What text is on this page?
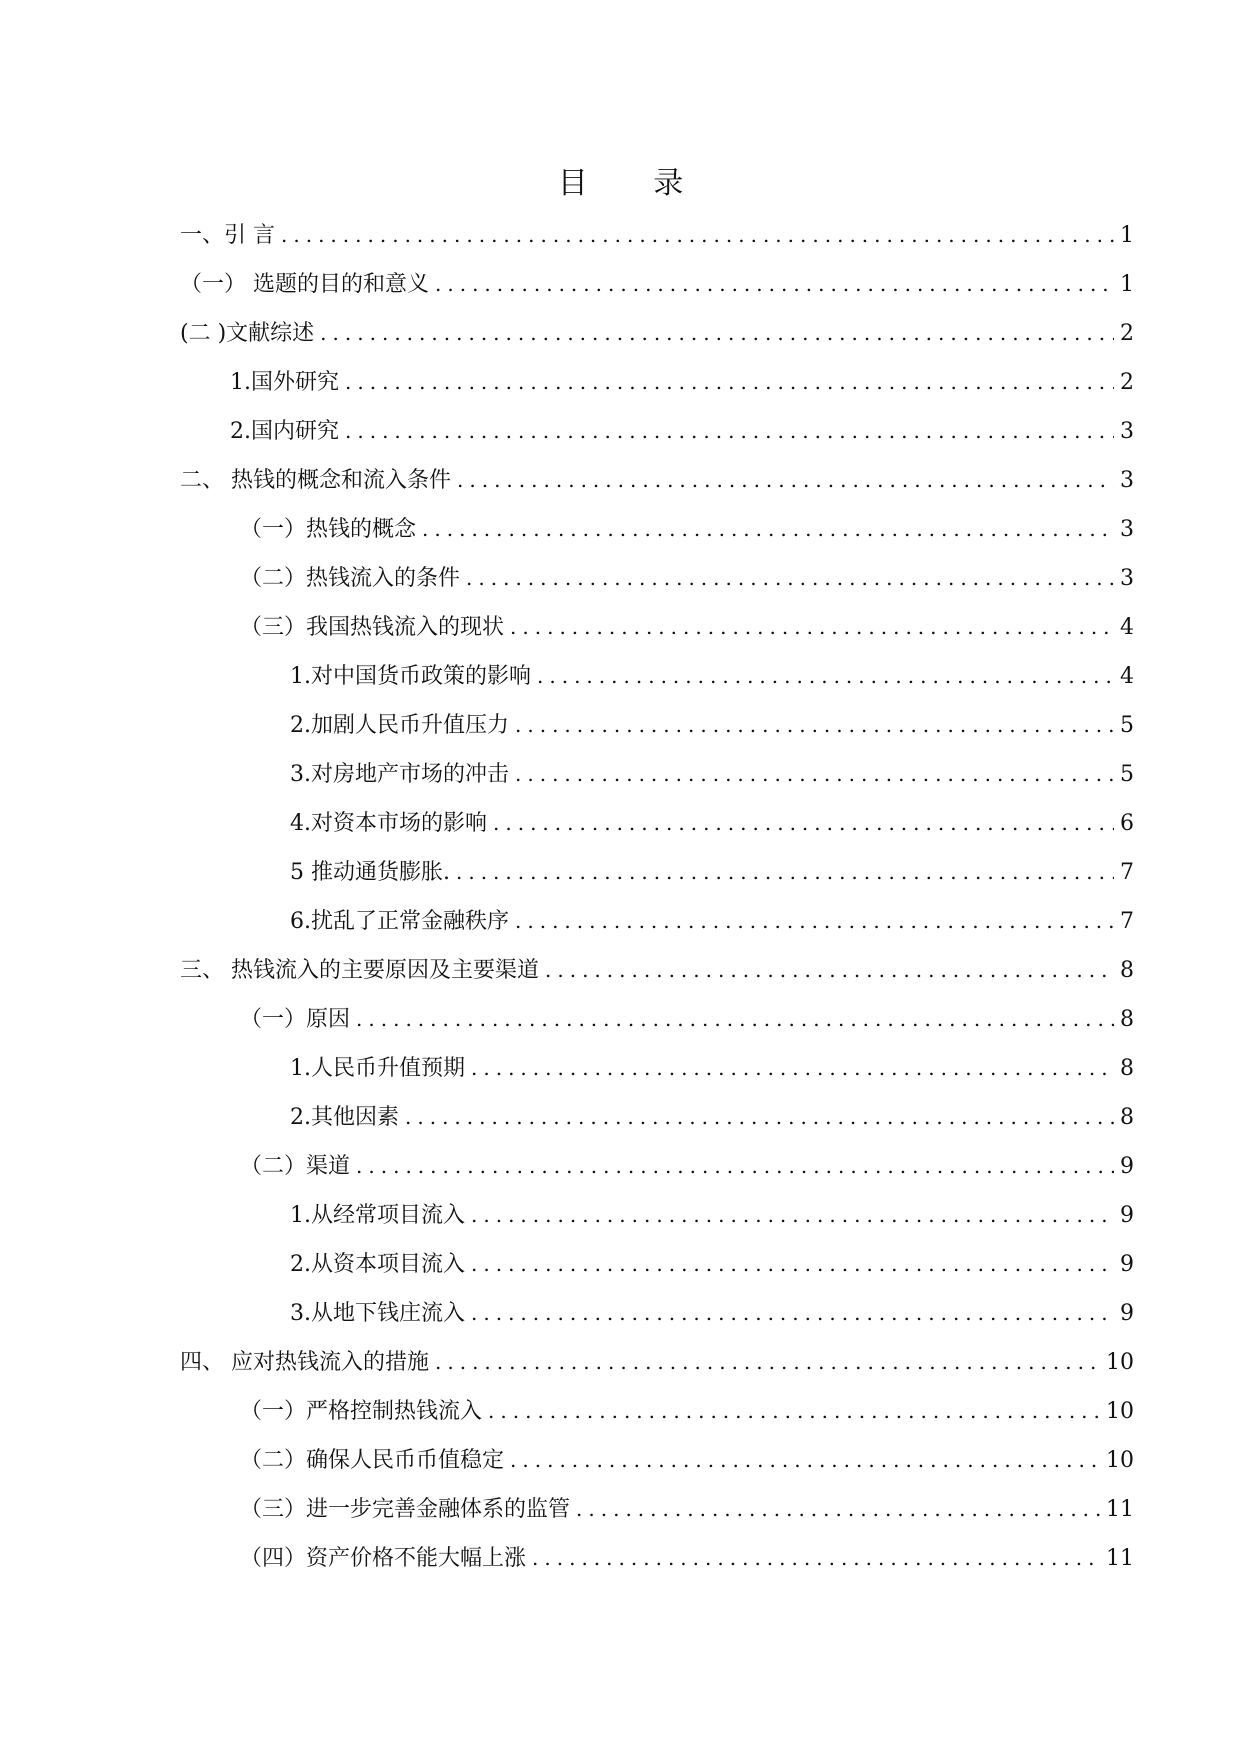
目 录
一、引 言 .....	1
（一） 选题的目的和意义 .....	1
(二 )文献综述 .....	2
1.国外研究 .....	2
2.国内研究 .....	3
二、 热钱的概念和流入条件 .....	3
（一）热钱的概念 .....	3
（二）热钱流入的条件 .....	3
（三）我国热钱流入的现状 .....	4
1.对中国货币政策的影响 .....	4
2.加剧人民币升值压力 .....	5
3.对房地产市场的冲击 .....	5
4.对资本市场的影响 .....	6
5 推动通货膨胀. .....	7
6.扰乱了正常金融秩序 .....	7
三、 热钱流入的主要原因及主要渠道 .....	8
（一）原因 .....	8
1.人民币升值预期 .....	8
2.其他因素 .....	8
（二）渠道 .....	9
1.从经常项目流入 .....	9
2.从资本项目流入 .....	9
3.从地下钱庄流入 .....	9
四、 应对热钱流入的措施 .....	10
（一）严格控制热钱流入 .....	10
（二）确保人民币币值稳定 .....	10
（三）进一步完善金融体系的监管 .....	11
（四）资产价格不能大幅上涨 .....	11
